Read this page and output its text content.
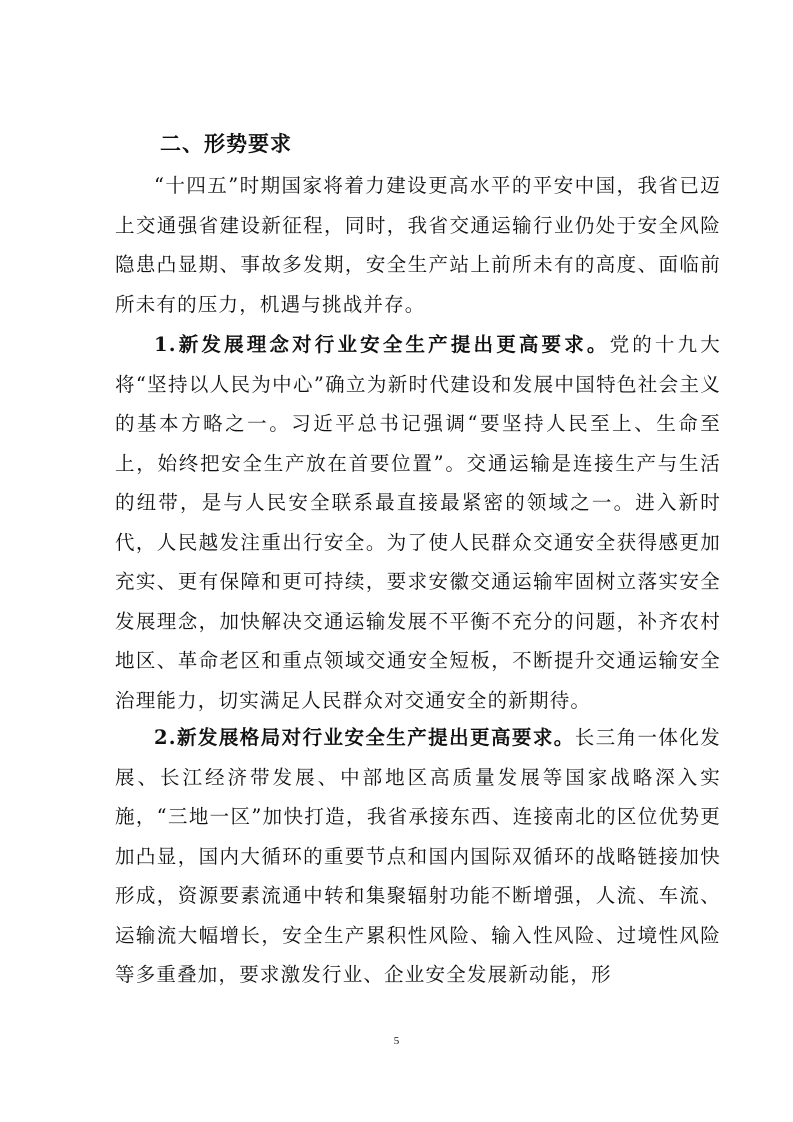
二、形势要求

“十四五”时期国家将着力建设更高水平的平安中国，我省已迈上交通强省建设新征程，同时，我省交通运输行业仍处于安全风险隐患凸显期、事故多发期，安全生产站上前所未有的高度、面临前所未有的压力，机遇与挑战并存。

1.新发展理念对行业安全生产提出更高要求。党的十九大将“坚持以人民为中心”确立为新时代建设和发展中国特色社会主义的基本方略之一。习近平总书记强调“要坚持人民至上、生命至上，始终把安全生产放在首要位置”。交通运输是连接生产与生活的纽带，是与人民安全联系最直接最紧密的领域之一。进入新时代，人民越发注重出行安全。为了使人民群众交通安全获得感更加充实、更有保障和更可持续，要求安徽交通运输牢固树立落实安全发展理念，加快解决交通运输发展不平衡不充分的问题，补齐农村地区、革命老区和重点领域交通安全短板，不断提升交通运输安全治理能力，切实满足人民群众对交通安全的新期待。

2.新发展格局对行业安全生产提出更高要求。长三角一体化发展、长江经济带发展、中部地区高质量发展等国家战略深入实施，“三地一区”加快打造，我省承接东西、连接南北的区位优势更加凸显，国内大循环的重要节点和国内国际双循环的战略链接加快形成，资源要素流通中转和集聚辐射功能不断增强，人流、车流、运输流大幅增长，安全生产累积性风险、输入性风险、过境性风险等多重叠加，要求激发行业、企业安全发展新动能，形

5
